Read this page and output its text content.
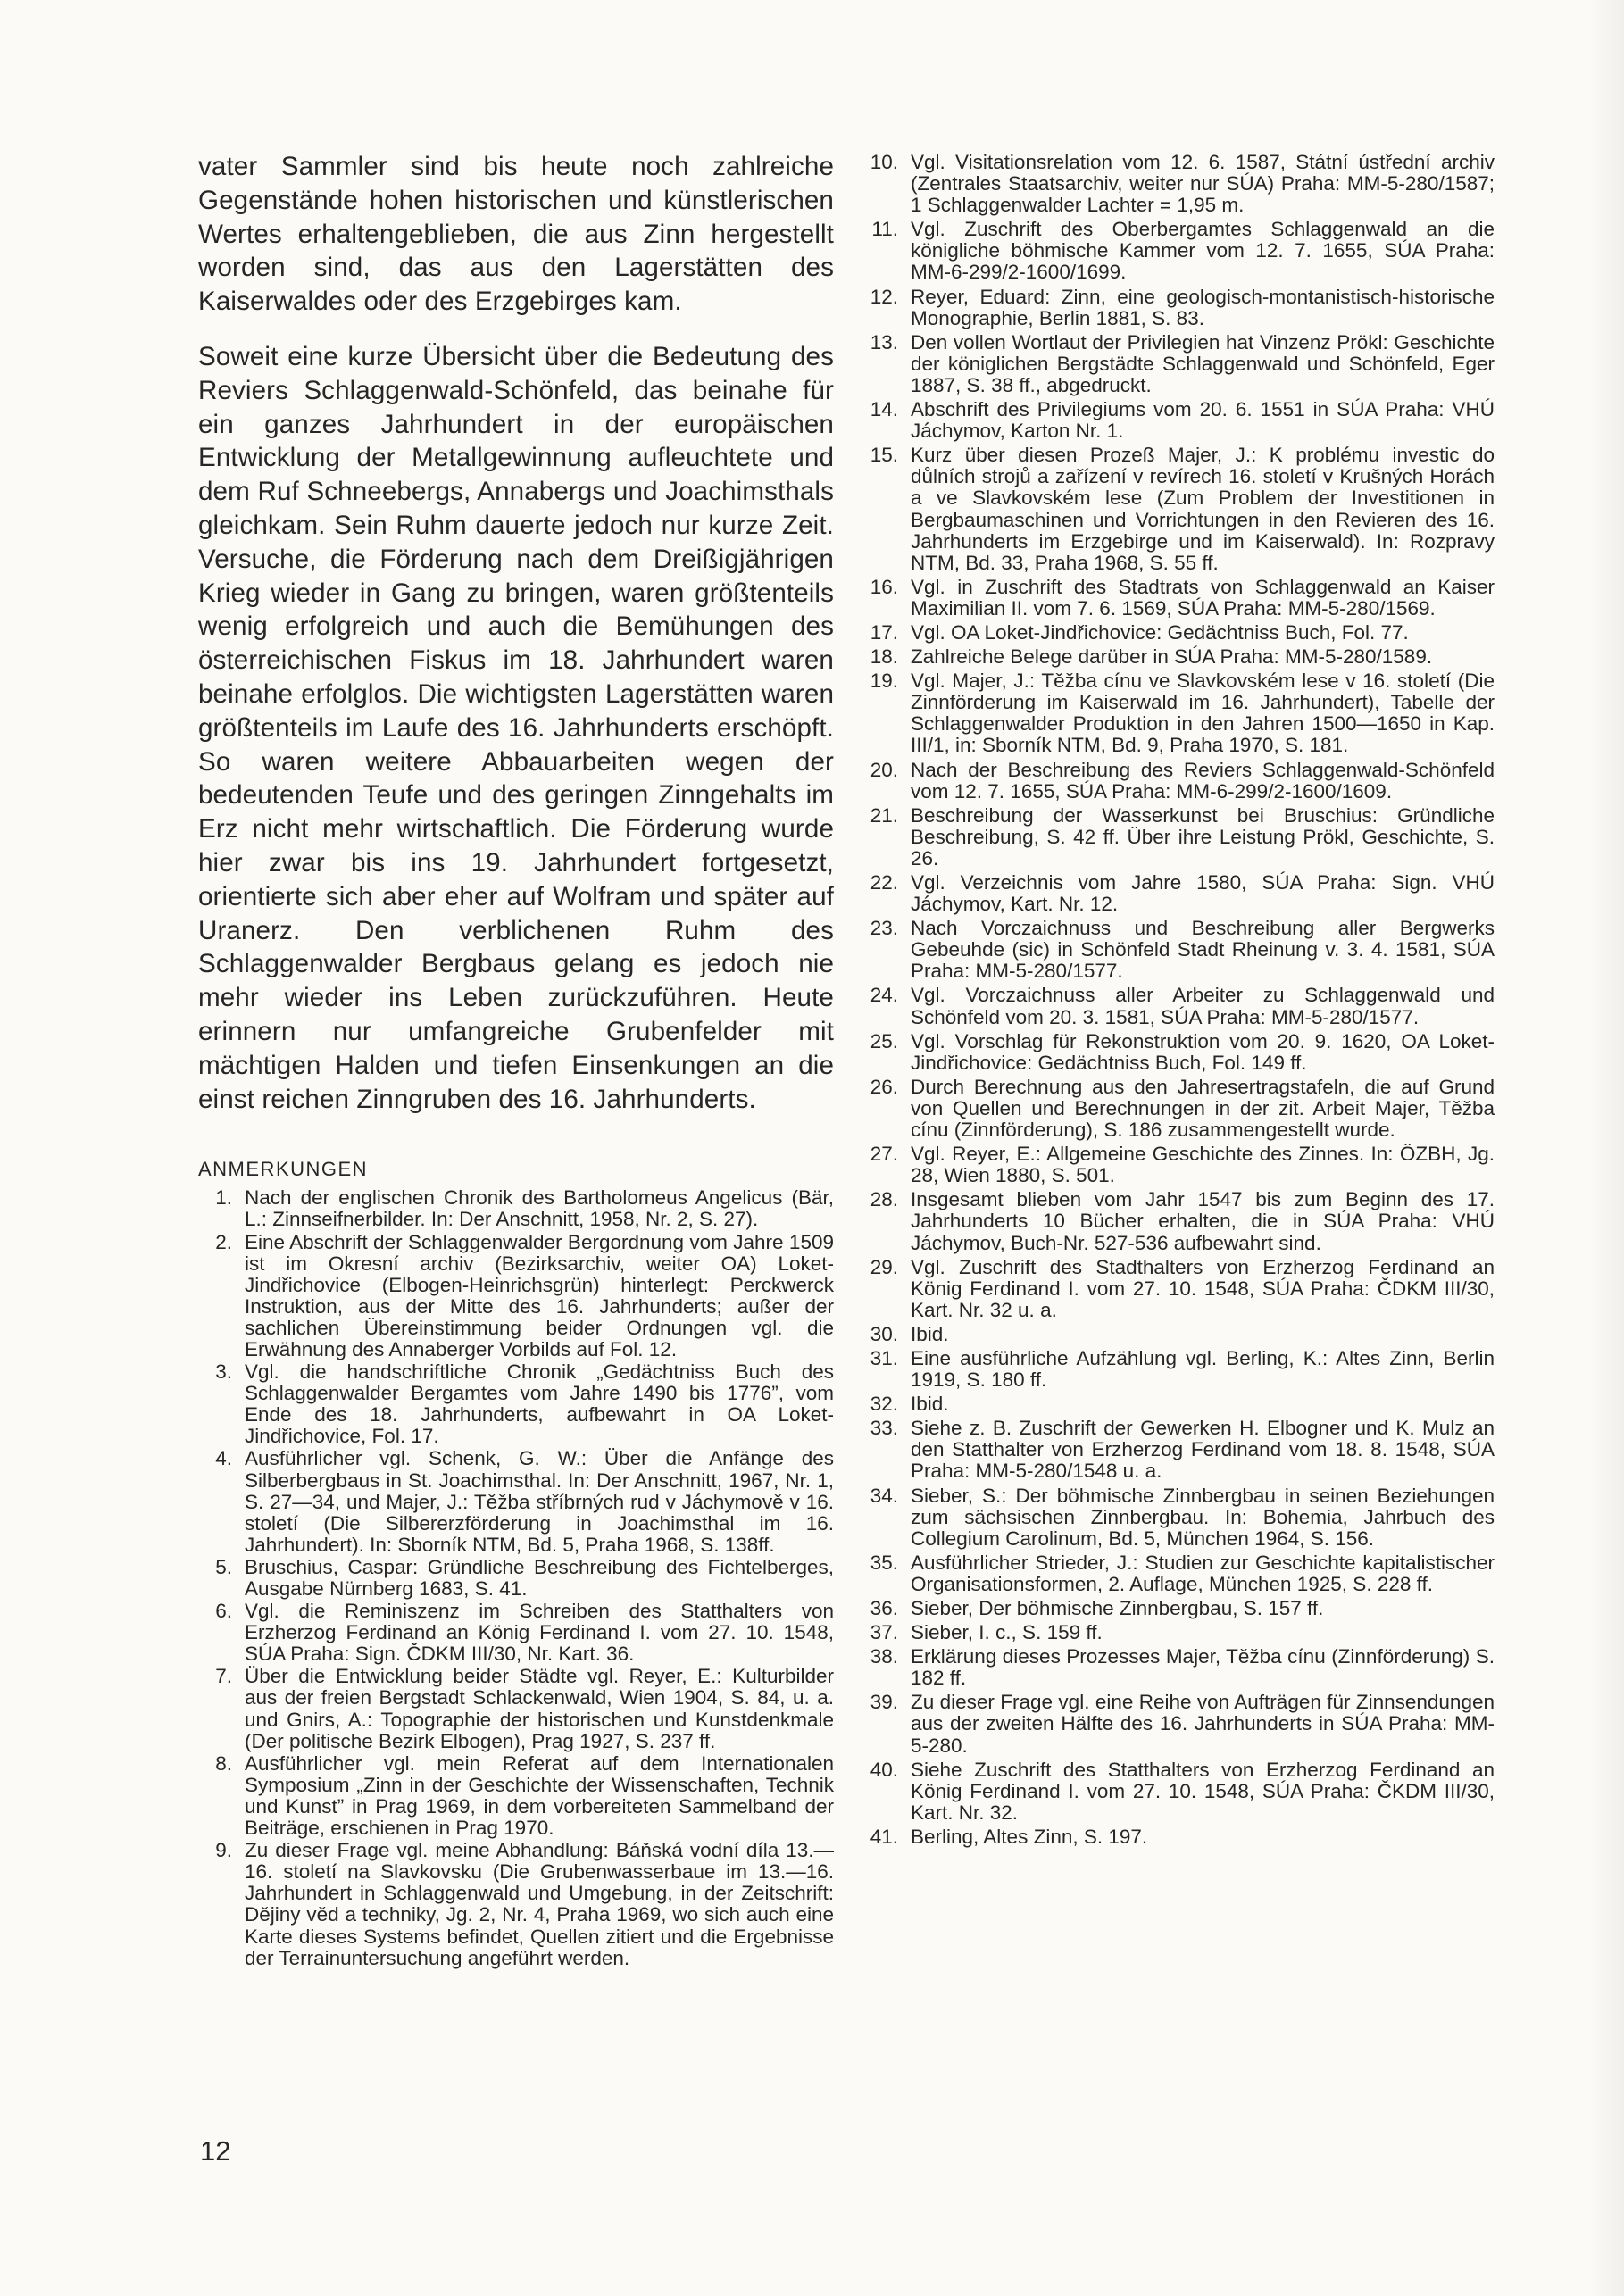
vater Sammler sind bis heute noch zahlreiche Gegenstände hohen historischen und künstlerischen Wertes erhaltengeblieben, die aus Zinn hergestellt worden sind, das aus den Lagerstätten des Kaiserwaldes oder des Erzgebirges kam.

Soweit eine kurze Übersicht über die Bedeutung des Reviers Schlaggenwald-Schönfeld, das beinahe für ein ganzes Jahrhundert in der europäischen Entwicklung der Metallgewinnung aufleuchtete und dem Ruf Schneebergs, Annabergs und Joachimsthals gleichkam. Sein Ruhm dauerte jedoch nur kurze Zeit. Versuche, die Förderung nach dem Dreißigjährigen Krieg wieder in Gang zu bringen, waren größtenteils wenig erfolgreich und auch die Bemühungen des österreichischen Fiskus im 18. Jahrhundert waren beinahe erfolglos. Die wichtigsten Lagerstätten waren größtenteils im Laufe des 16. Jahrhunderts erschöpft. So waren weitere Abbauarbeiten wegen der bedeutenden Teufe und des geringen Zinngehalts im Erz nicht mehr wirtschaftlich. Die Förderung wurde hier zwar bis ins 19. Jahrhundert fortgesetzt, orientierte sich aber eher auf Wolfram und später auf Uranerz. Den verblichenen Ruhm des Schlaggenwalder Bergbaus gelang es jedoch nie mehr wieder ins Leben zurückzuführen. Heute erinnern nur umfangreiche Grubenfelder mit mächtigen Halden und tiefen Einsenkungen an die einst reichen Zinngruben des 16. Jahrhunderts.

ANMERKUNGEN
1. Nach der englischen Chronik des Bartholomeus Angelicus (Bär, L.: Zinnseifnerbilder. In: Der Anschnitt, 1958, Nr. 2, S. 27).
2. Eine Abschrift der Schlaggenwalder Bergordnung vom Jahre 1509 ist im Okresní archiv (Bezirksarchiv, weiter OA) Loket-Jindřichovice (Elbogen-Heinrichsgrün) hinterlegt: Perckwerck Instruktion, aus der Mitte des 16. Jahrhunderts; außer der sachlichen Übereinstimmung beider Ordnungen vgl. die Erwähnung des Annaberger Vorbilds auf Fol. 12.
3. Vgl. die handschriftliche Chronik „Gedächtniss Buch des Schlaggenwalder Bergamtes vom Jahre 1490 bis 1776”, vom Ende des 18. Jahrhunderts, aufbewahrt in OA Loket-Jindřichovice, Fol. 17.
4. Ausführlicher vgl. Schenk, G. W.: Über die Anfänge des Silberbergbaus in St. Joachimsthal. In: Der Anschnitt, 1967, Nr. 1, S. 27—34, und Majer, J.: Těžba stříbrných rud v Jáchymově v 16. století (Die Silbererzförderung in Joachimsthal im 16. Jahrhundert). In: Sborník NTM, Bd. 5, Praha 1968, S. 138ff.
5. Bruschius, Caspar: Gründliche Beschreibung des Fichtelberges, Ausgabe Nürnberg 1683, S. 41.
6. Vgl. die Reminiszenz im Schreiben des Statthalters von Erzherzog Ferdinand an König Ferdinand I. vom 27. 10. 1548, SÚA Praha: Sign. ČDKM III/30, Nr. Kart. 36.
7. Über die Entwicklung beider Städte vgl. Reyer, E.: Kulturbilder aus der freien Bergstadt Schlackenwald, Wien 1904, S. 84, u. a. und Gnirs, A.: Topographie der historischen und Kunstdenkmale (Der politische Bezirk Elbogen), Prag 1927, S. 237 ff.
8. Ausführlicher vgl. mein Referat auf dem Internationalen Symposium „Zinn in der Geschichte der Wissenschaften, Technik und Kunst” in Prag 1969, in dem vorbereiteten Sammelband der Beiträge, erschienen in Prag 1970.
9. Zu dieser Frage vgl. meine Abhandlung: Báňská vodní díla 13.—16. století na Slavkovsku (Die Grubenwasserbaue im 13.—16. Jahrhundert in Schlaggenwald und Umgebung, in der Zeitschrift: Dějiny věd a techniky, Jg. 2, Nr. 4, Praha 1969, wo sich auch eine Karte dieses Systems befindet, Quellen zitiert und die Ergebnisse der Terrainuntersuchung angeführt werden.
10. Vgl. Visitationsrelation vom 12. 6. 1587, Státní ústřední archiv (Zentrales Staatsarchiv, weiter nur SÚA) Praha: MM-5-280/1587; 1 Schlaggenwalder Lachter = 1,95 m.
11. Vgl. Zuschrift des Oberbergamtes Schlaggenwald an die königliche böhmische Kammer vom 12. 7. 1655, SÚA Praha: MM-6-299/2-1600/1699.
12. Reyer, Eduard: Zinn, eine geologisch-montanistisch-historische Monographie, Berlin 1881, S. 83.
13. Den vollen Wortlaut der Privilegien hat Vinzenz Prökl: Geschichte der königlichen Bergstädte Schlaggenwald und Schönfeld, Eger 1887, S. 38 ff., abgedruckt.
14. Abschrift des Privilegiums vom 20. 6. 1551 in SÚA Praha: VHÚ Jáchymov, Karton Nr. 1.
15. Kurz über diesen Prozeß Majer, J.: K problému investic do důlních strojů a zařízení v revírech 16. století v Krušných Horách a ve Slavkovském lese (Zum Problem der Investitionen in Bergbaumaschinen und Vorrichtungen in den Revieren des 16. Jahrhunderts im Erzgebirge und im Kaiserwald). In: Rozpravy NTM, Bd. 33, Praha 1968, S. 55 ff.
16. Vgl. in Zuschrift des Stadtrats von Schlaggenwald an Kaiser Maximilian II. vom 7. 6. 1569, SÚA Praha: MM-5-280/1569.
17. Vgl. OA Loket-Jindřichovice: Gedächtniss Buch, Fol. 77.
18. Zahlreiche Belege darüber in SÚA Praha: MM-5-280/1589.
19. Vgl. Majer, J.: Těžba cínu ve Slavkovském lese v 16. století (Die Zinnförderung im Kaiserwald im 16. Jahrhundert), Tabelle der Schlaggenwalder Produktion in den Jahren 1500—1650 in Kap. III/1, in: Sborník NTM, Bd. 9, Praha 1970, S. 181.
20. Nach der Beschreibung des Reviers Schlaggenwald-Schönfeld vom 12. 7. 1655, SÚA Praha: MM-6-299/2-1600/1609.
21. Beschreibung der Wasserkunst bei Bruschius: Gründliche Beschreibung, S. 42 ff. Über ihre Leistung Prökl, Geschichte, S. 26.
22. Vgl. Verzeichnis vom Jahre 1580, SÚA Praha: Sign. VHÚ Jáchymov, Kart. Nr. 12.
23. Nach Vorczaichnuss und Beschreibung aller Bergwerks Gebeuhde (sic) in Schönfeld Stadt Rheinung v. 3. 4. 1581, SÚA Praha: MM-5-280/1577.
24. Vgl. Vorczaichnuss aller Arbeiter zu Schlaggenwald und Schönfeld vom 20. 3. 1581, SÚA Praha: MM-5-280/1577.
25. Vgl. Vorschlag für Rekonstruktion vom 20. 9. 1620, OA Loket-Jindřichovice: Gedächtniss Buch, Fol. 149 ff.
26. Durch Berechnung aus den Jahresertragstafeln, die auf Grund von Quellen und Berechnungen in der zit. Arbeit Majer, Těžba cínu (Zinnförderung), S. 186 zusammengestellt wurde.
27. Vgl. Reyer, E.: Allgemeine Geschichte des Zinnes. In: ÖZBH, Jg. 28, Wien 1880, S. 501.
28. Insgesamt blieben vom Jahr 1547 bis zum Beginn des 17. Jahrhunderts 10 Bücher erhalten, die in SÚA Praha: VHÚ Jáchymov, Buch-Nr. 527-536 aufbewahrt sind.
29. Vgl. Zuschrift des Stadthalters von Erzherzog Ferdinand an König Ferdinand I. vom 27. 10. 1548, SÚA Praha: ČDKM III/30, Kart. Nr. 32 u. a.
30. Ibid.
31. Eine ausführliche Aufzählung vgl. Berling, K.: Altes Zinn, Berlin 1919, S. 180 ff.
32. Ibid.
33. Siehe z. B. Zuschrift der Gewerken H. Elbogner und K. Mulz an den Statthalter von Erzherzog Ferdinand vom 18. 8. 1548, SÚA Praha: MM-5-280/1548 u. a.
34. Sieber, S.: Der böhmische Zinnbergbau in seinen Beziehungen zum sächsischen Zinnbergbau. In: Bohemia, Jahrbuch des Collegium Carolinum, Bd. 5, München 1964, S. 156.
35. Ausführlicher Strieder, J.: Studien zur Geschichte kapitalistischer Organisationsformen, 2. Auflage, München 1925, S. 228 ff.
36. Sieber, Der böhmische Zinnbergbau, S. 157 ff.
37. Sieber, I. c., S. 159 ff.
38. Erklärung dieses Prozesses Majer, Těžba cínu (Zinnförderung) S. 182 ff.
39. Zu dieser Frage vgl. eine Reihe von Aufträgen für Zinnsendungen aus der zweiten Hälfte des 16. Jahrhunderts in SÚA Praha: MM-5-280.
40. Siehe Zuschrift des Statthalters von Erzherzog Ferdinand an König Ferdinand I. vom 27. 10. 1548, SÚA Praha: ČKDM III/30, Kart. Nr. 32.
41. Berling, Altes Zinn, S. 197.
12
